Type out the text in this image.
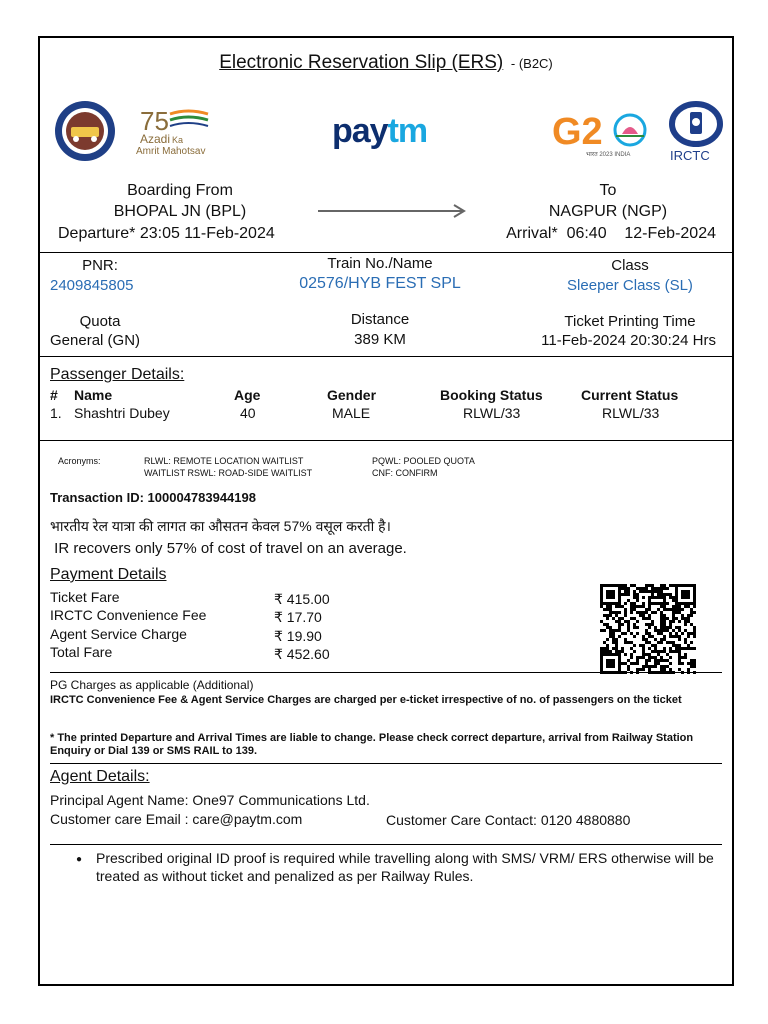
Electronic Reservation Slip (ERS) - (B2C)
75
Azadi Ka
Amrit Mahotsav
paytm	G2
भारत 2023 INDIA	IRCTC
Boarding From
BHOPAL JN (BPL)
Departure* 23:05 11-Feb-2024
To
NAGPUR (NGP)
Arrival*  06:40    12-Feb-2024
PNR:
2409845805
Train No./Name
02576/HYB FEST SPL
Class
Sleeper Class (SL)
Quota
General (GN)
Distance
389 KM
Ticket Printing Time
11-Feb-2024 20:30:24 Hrs
Passenger Details:
# Name	Age	Gender	Booking Status	Current Status
1. Shashtri Dubey	40	MALE	RLWL/33	RLWL/33
Acronyms:	RLWL: REMOTE LOCATION WAITLIST
WAITLIST RSWL: ROAD-SIDE WAITLIST
PQWL: POOLED QUOTA
CNF: CONFIRM
Transaction ID: 100004783944198
भारतीय रेल यात्रा की लागत का औसतन केवल 57% वसूल करती है।
IR recovers only 57% of cost of travel on an average.
Payment Details
Ticket Fare	₹ 415.00
IRCTC Convenience Fee	₹ 17.70
Agent Service Charge	₹ 19.90
Total Fare	₹ 452.60
PG Charges as applicable (Additional)
IRCTC Convenience Fee & Agent Service Charges are charged per e-ticket irrespective of no. of passengers on the ticket
* The printed Departure and Arrival Times are liable to change. Please check correct departure, arrival from Railway Station Enquiry or Dial 139 or SMS RAIL to 139.
Agent Details:
Principal Agent Name: One97 Communications Ltd.
Customer care Email : care@paytm.com	Customer Care Contact: 0120 4880880
● Prescribed original ID proof is required while travelling along with SMS/ VRM/ ERS otherwise will be treated as without ticket and penalized as per Railway Rules.
